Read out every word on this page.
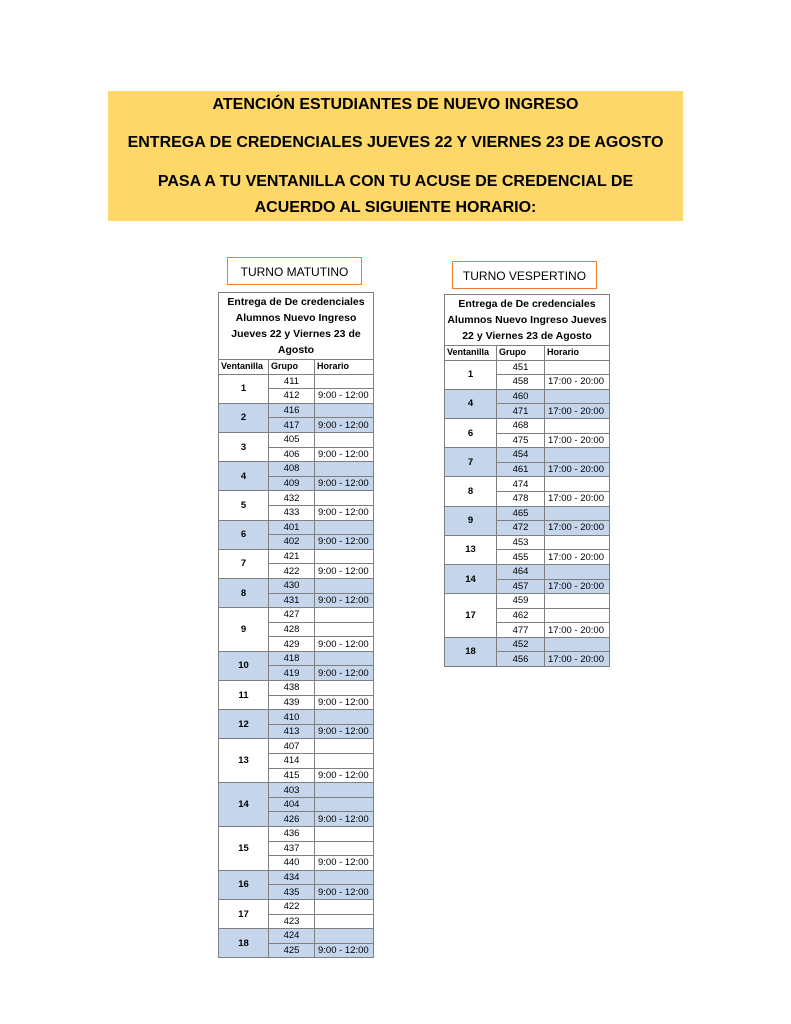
ATENCIÓN ESTUDIANTES DE NUEVO INGRESO
ENTREGA DE CREDENCIALES JUEVES 22 Y VIERNES 23 DE AGOSTO
PASA A TU VENTANILLA CON TU ACUSE DE CREDENCIAL DE
ACUERDO AL SIGUIENTE HORARIO:
TURNO MATUTINO	TURNO VESPERTINO
Entrega de De credenciales Alumnos Nuevo Ingreso Jueves 22 y Viernes 23 de Agosto		
Ventanilla	Grupo	Horario
1	411	
	412	9:00 - 12:00
2	416	
	417	9:00 - 12:00
3	405	
	406	9:00 - 12:00
4	408	
	409	9:00 - 12:00
5	432	
	433	9:00 - 12:00
6	401	
	402	9:00 - 12:00
7	421	
	422	9:00 - 12:00
8	430	
	431	9:00 - 12:00
9	427	
	428	
	429	9:00 - 12:00
10	418	
	419	9:00 - 12:00
11	438	
	439	9:00 - 12:00
12	410	
	413	9:00 - 12:00
13	407	
	414	
	415	9:00 - 12:00
14	403	
	404	
	426	9:00 - 12:00
15	436	
	437	
	440	9:00 - 12:00
16	434	
	435	9:00 - 12:00
17	422	
	423	
18	424	
	425	9:00 - 12:00
Entrega de De credenciales Alumnos Nuevo Ingreso Jueves 22 y Viernes 23 de Agosto		
Ventanilla	Grupo	Horario
1	451	
	458	17:00 - 20:00
4	460	
	471	17:00 - 20:00
6	468	
	475	17:00 - 20:00
7	454	
	461	17:00 - 20:00
8	474	
	478	17:00 - 20:00
9	465	
	472	17:00 - 20:00
13	453	
	455	17:00 - 20:00
14	464	
	457	17:00 - 20:00
17	459	
	462	
	477	17:00 - 20:00
18	452	
	456	17:00 - 20:00
